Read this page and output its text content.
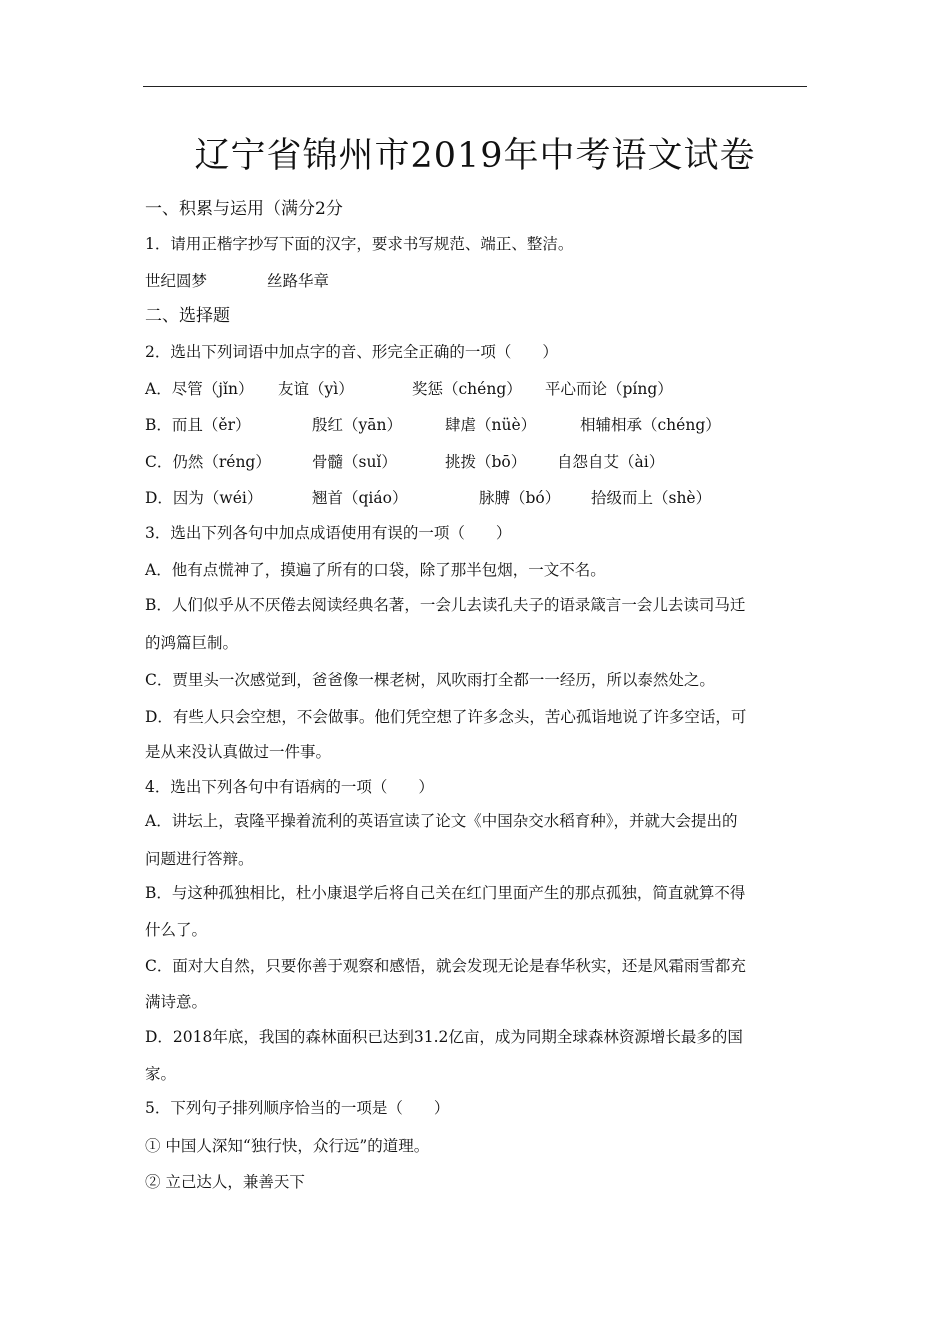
辽宁省锦州市2019年中考语文试卷
一、积累与运用（满分2分
1．请用正楷字抄写下面的汉字，要求书写规范、端正、整洁。
世纪圆梦	丝路华章
二、选择题
2．选出下列词语中加点字的音、形完全正确的一项（　　）
A．尽管（jǐn） 友谊（yì）	奖惩（chéng） 平心而论（píng）
B．而且（ěr）	殷红（yān）	肆虐（nüè）	相辅相承（chéng）
C．仍然（réng）	骨髓（suǐ）	挑拨（bō） 自怨自艾（ài）
D．因为（wéi）	翘首（qiáo）	脉膊（bó） 拾级而上（shè）
3．选出下列各句中加点成语使用有误的一项（　　）
A．他有点慌神了，摸遍了所有的口袋，除了那半包烟，一文不名。
B．人们似乎从不厌倦去阅读经典名著，一会儿去读孔夫子的语录箴言一会儿去读司马迁
的鸿篇巨制。
C．贾里头一次感觉到，爸爸像一棵老树，风吹雨打全都一一经历，所以泰然处之。
D．有些人只会空想，不会做事。他们凭空想了许多念头，苦心孤诣地说了许多空话，可
是从来没认真做过一件事。
4．选出下列各句中有语病的一项（　　）
A．讲坛上，袁隆平操着流利的英语宣读了论文《中国杂交水稻育种》，并就大会提出的
问题进行答辩。
B．与这种孤独相比，杜小康退学后将自己关在红门里面产生的那点孤独，简直就算不得
什么了。
C．面对大自然，只要你善于观察和感悟，就会发现无论是春华秋实，还是风霜雨雪都充
满诗意。
D．2018年底，我国的森林面积已达到31.2亿亩，成为同期全球森林资源增长最多的国
家。
5．下列句子排列顺序恰当的一项是（　　）
① 中国人深知“独行快，众行远”的道理。
② 立己达人，兼善天下
